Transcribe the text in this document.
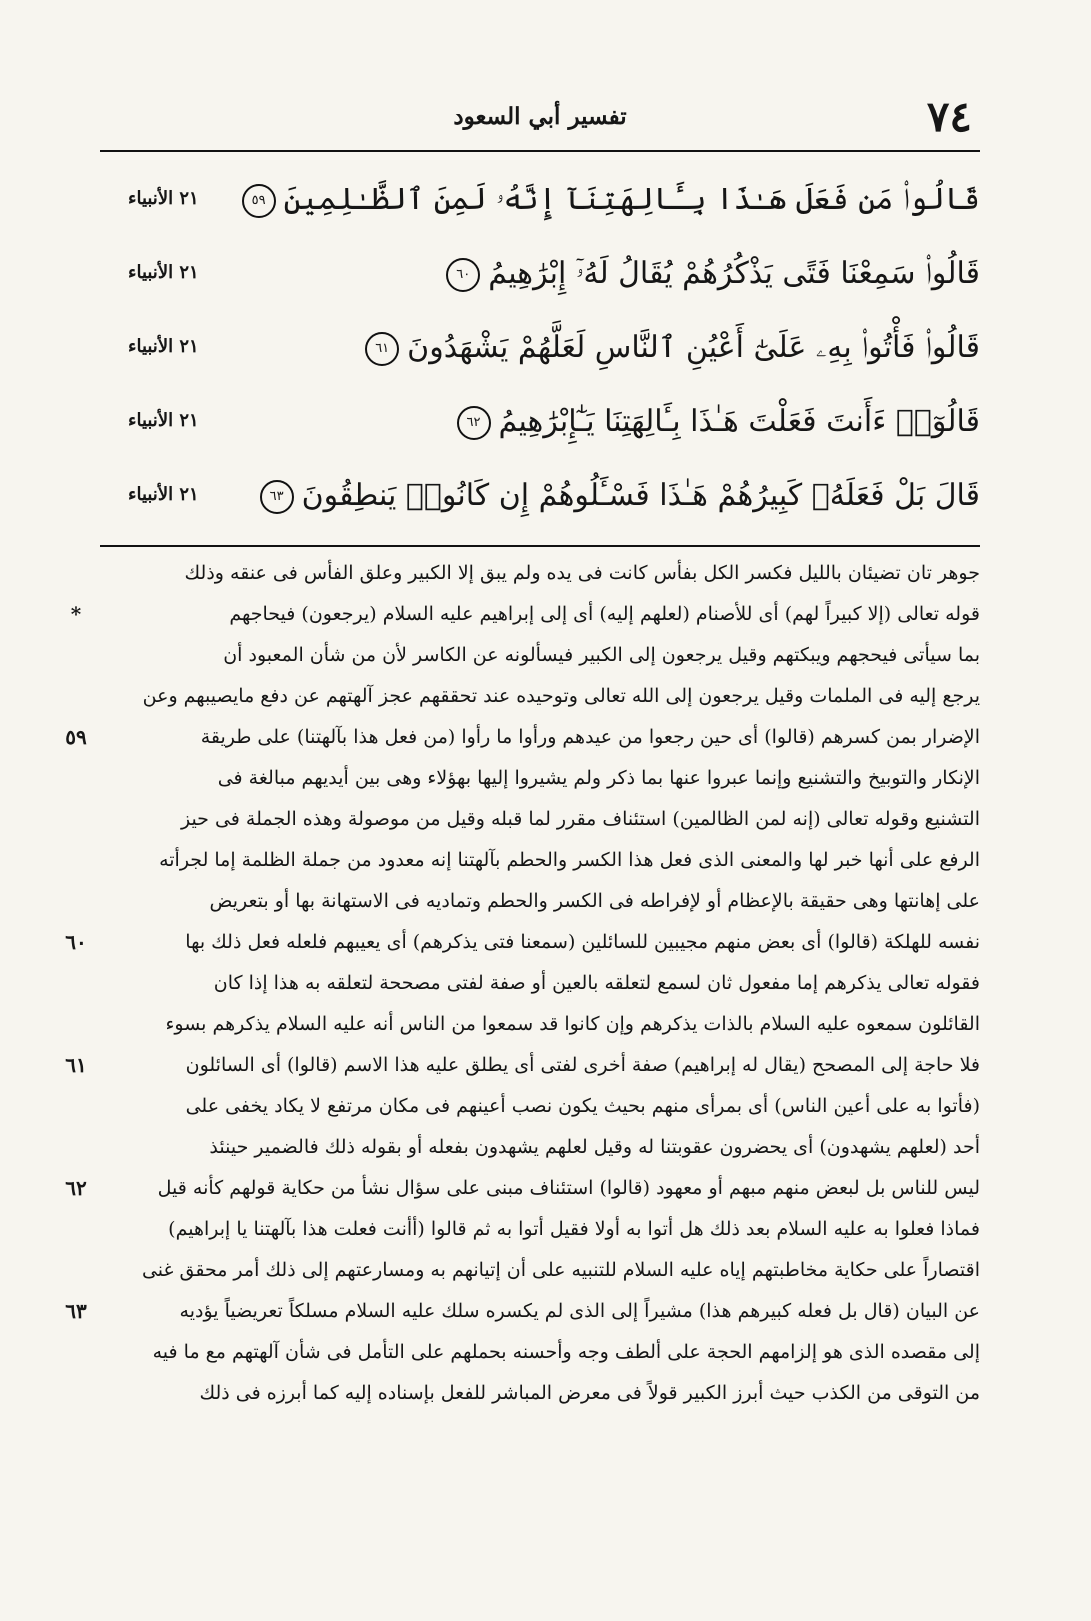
٧٤
تفسير أبي السعود
قَالُوا۟ مَن فَعَلَ هَـٰذَا بِـَٔالِهَتِنَآ إِنَّهُۥ لَمِنَ ٱلظَّـٰلِمِينَ٥٩
٢١ الأنبياء
قَالُوا۟ سَمِعْنَا فَتًى يَذْكُرُهُمْ يُقَالُ لَهُۥٓ إِبْرَٰهِيمُ٦٠
٢١ الأنبياء
قَالُوا۟ فَأْتُوا۟ بِهِۦ عَلَىٰٓ أَعْيُنِ ٱلنَّاسِ لَعَلَّهُمْ يَشْهَدُونَ٦١
٢١ الأنبياء
قَالُوٓا۟ ءَأَنتَ فَعَلْتَ هَـٰذَا بِـَٔالِهَتِنَا يَـٰٓإِبْرَٰهِيمُ٦٢
٢١ الأنبياء
قَالَ بَلْ فَعَلَهُۥ كَبِيرُهُمْ هَـٰذَا فَسْـَٔلُوهُمْ إِن كَانُوا۟ يَنطِقُونَ٦٣
٢١ الأنبياء
جوهر تان تضيئان بالليل فكسر الكل بفأس كانت فى يده ولم يبق إلا الكبير وعلق الفأس فى عنقه وذلك
قوله تعالى (إلا كبيراً لهم) أى للأصنام (لعلهم إليه) أى إلى إبراهيم عليه السلام (يرجعون) فيحاجهم
*
بما سيأتى فيحجهم ويبكتهم وقيل يرجعون إلى الكبير فيسألونه عن الكاسر لأن من شأن المعبود أن
يرجع إليه فى الملمات وقيل يرجعون إلى الله تعالى وتوحيده عند تحققهم عجز آلهتهم عن دفع مايصيبهم وعن
الإضرار بمن كسرهم (قالوا) أى حين رجعوا من عيدهم ورأوا ما رأوا (من فعل هذا بآلهتنا) على طريقة
٥٩
الإنكار والتوبيخ والتشنيع وإنما عبروا عنها بما ذكر ولم يشيروا إليها بهؤلاء وهى بين أيديهم مبالغة فى
التشنيع وقوله تعالى (إنه لمن الظالمين) استئناف مقرر لما قبله وقيل من موصولة وهذه الجملة فى حيز
الرفع على أنها خبر لها والمعنى الذى فعل هذا الكسر والحطم بآلهتنا إنه معدود من جملة الظلمة إما لجرأته
على إهانتها وهى حقيقة بالإعظام أو لإفراطه فى الكسر والحطم وتماديه فى الاستهانة بها أو بتعريض
نفسه للهلكة (قالوا) أى بعض منهم مجيبين للسائلين (سمعنا فتى يذكرهم) أى يعيبهم فلعله فعل ذلك بها
٦٠
فقوله تعالى يذكرهم إما مفعول ثان لسمع لتعلقه بالعين أو صفة لفتى مصححة لتعلقه به هذا إذا كان
القائلون سمعوه عليه السلام بالذات يذكرهم وإن كانوا قد سمعوا من الناس أنه عليه السلام يذكرهم بسوء
فلا حاجة إلى المصحح (يقال له إبراهيم) صفة أخرى لفتى أى يطلق عليه هذا الاسم (قالوا) أى السائلون
٦١
(فأتوا به على أعين الناس) أى بمرأى منهم بحيث يكون نصب أعينهم فى مكان مرتفع لا يكاد يخفى على
أحد (لعلهم يشهدون) أى يحضرون عقوبتنا له وقيل لعلهم يشهدون بفعله أو بقوله ذلك فالضمير حينئذ
ليس للناس بل لبعض منهم مبهم أو معهود (قالوا) استئناف مبنى على سؤال نشأ من حكاية قولهم كأنه قيل
٦٢
فماذا فعلوا به عليه السلام بعد ذلك هل أتوا به أولا فقيل أتوا به ثم قالوا (أأنت فعلت هذا بآلهتنا يا إبراهيم)
اقتصاراً على حكاية مخاطبتهم إياه عليه السلام للتنبيه على أن إتيانهم به ومسارعتهم إلى ذلك أمر محقق غنى
عن البيان (قال بل فعله كبيرهم هذا) مشيراً إلى الذى لم يكسره سلك عليه السلام مسلكاً تعريضياً يؤديه
٦٣
إلى مقصده الذى هو إلزامهم الحجة على ألطف وجه وأحسنه بحملهم على التأمل فى شأن آلهتهم مع ما فيه
من التوقى من الكذب حيث أبرز الكبير قولاً فى معرض المباشر للفعل بإسناده إليه كما أبرزه فى ذلك
